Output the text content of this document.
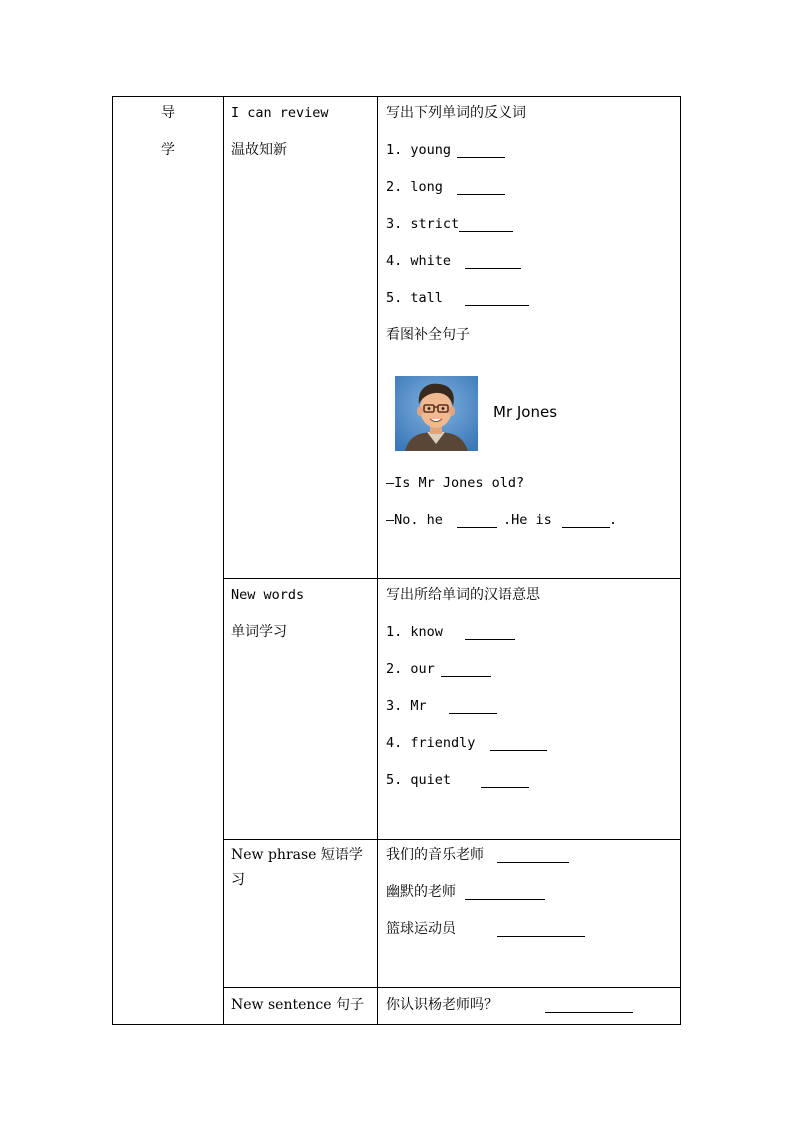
导
学
I can review
温故知新
写出下列单词的反义词
1. young
2. long
3. strict
4. white
5. tall
看图补全句子
Mr Jones
—Is Mr Jones old?
—No. he	.He is	.
New words
单词学习
写出所给单词的汉语意思
1. know
2. our
3. Mr
4. friendly
5. quiet
New phrase 短语学
习
我们的音乐老师
幽默的老师
篮球运动员
New sentence 句子 你认识杨老师吗？
